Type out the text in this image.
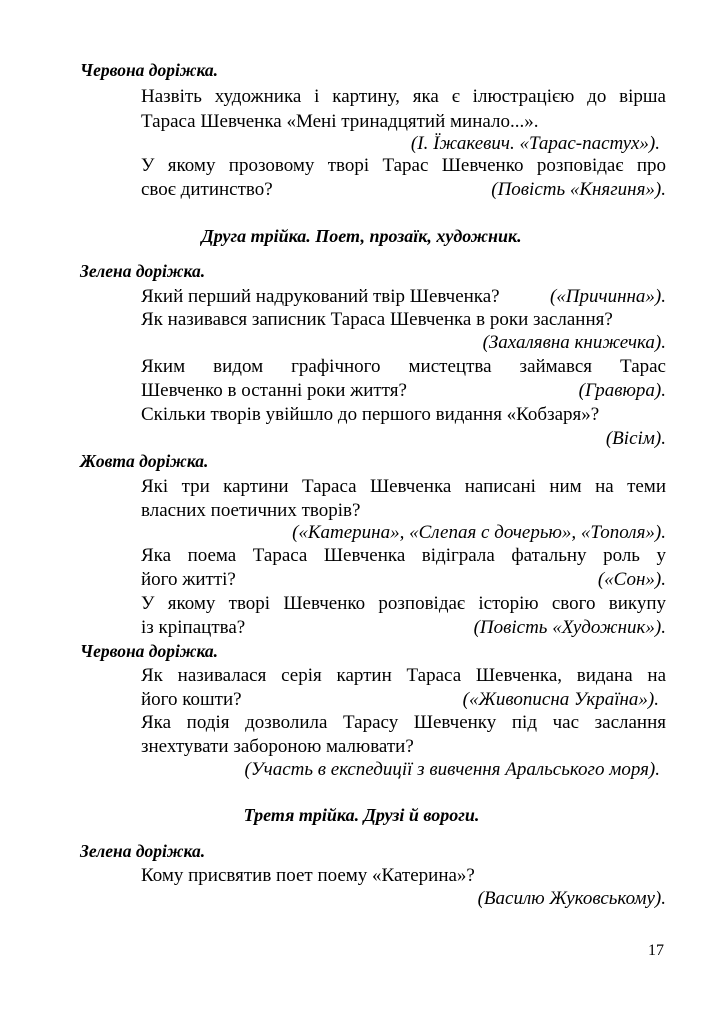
Червона доріжка.
Назвіть художника і картину, яка є ілюстрацією до вірша
Тараса Шевченка «Мені тринадцятий минало...».
(І. Їжакевич. «Тарас-пастух»).
У якому прозовому творі Тарас Шевченко розповідає про
своє дитинство?	(Повість «Княгиня»).
Друга трійка. Поет, прозаїк, художник.
Зелена доріжка.
Який перший надрукований твір Шевченка?	(«Причинна»).
Як називався записник Тараса Шевченка в роки заслання?
(Захалявна книжечка).
Яким видом графічного мистецтва займався Тарас
Шевченко в останні роки життя?	(Гравюра).
Скільки творів увійшло до першого видання «Кобзаря»?
(Вісім).
Жовта доріжка.
Які три картини Тараса Шевченка написані ним на теми
власних поетичних творів?
(«Катерина», «Слепая с дочерью», «Тополя»).
Яка поема Тараса Шевченка відіграла фатальну роль у
його житті?	(«Сон»).
У якому творі Шевченко розповідає історію свого викупу
із кріпацтва?	(Повість «Художник»).
Червона доріжка.
Як називалася серія картин Тараса Шевченка, видана на
його кошти?	(«Живописна Україна»).
Яка подія дозволила Тарасу Шевченку під час заслання
знехтувати забороною малювати?
(Участь в експедиції з вивчення Аральського моря).
Третя трійка. Друзі й вороги.
Зелена доріжка.
Кому присвятив поет поему «Катерина»?
(Василю Жуковському).
17
